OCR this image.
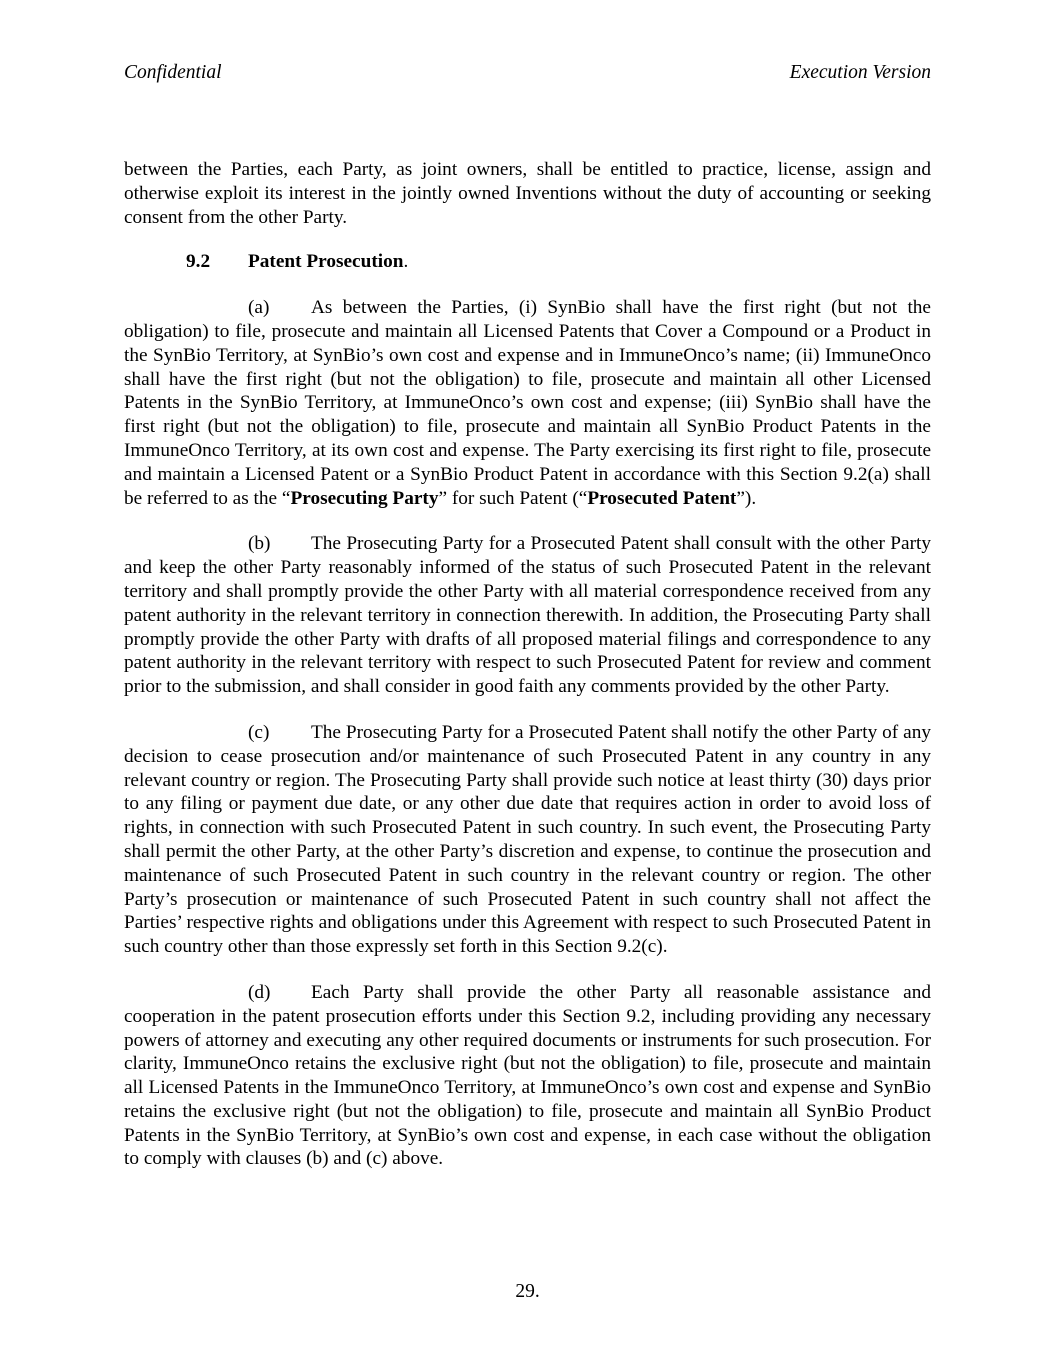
Confidential	Execution Version

between the Parties, each Party, as joint owners, shall be entitled to practice, license, assign and otherwise exploit its interest in the jointly owned Inventions without the duty of accounting or seeking consent from the other Party.

9.2 Patent Prosecution.

(a) As between the Parties, (i) SynBio shall have the first right (but not the obligation) to file, prosecute and maintain all Licensed Patents that Cover a Compound or a Product in the SynBio Territory, at SynBio’s own cost and expense and in ImmuneOnco’s name; (ii) ImmuneOnco shall have the first right (but not the obligation) to file, prosecute and maintain all other Licensed Patents in the SynBio Territory, at ImmuneOnco’s own cost and expense; (iii) SynBio shall have the first right (but not the obligation) to file, prosecute and maintain all SynBio Product Patents in the ImmuneOnco Territory, at its own cost and expense. The Party exercising its first right to file, prosecute and maintain a Licensed Patent or a SynBio Product Patent in accordance with this Section 9.2(a) shall be referred to as the “Prosecuting Party” for such Patent (“Prosecuted Patent”).

(b) The Prosecuting Party for a Prosecuted Patent shall consult with the other Party and keep the other Party reasonably informed of the status of such Prosecuted Patent in the relevant territory and shall promptly provide the other Party with all material correspondence received from any patent authority in the relevant territory in connection therewith. In addition, the Prosecuting Party shall promptly provide the other Party with drafts of all proposed material filings and correspondence to any patent authority in the relevant territory with respect to such Prosecuted Patent for review and comment prior to the submission, and shall consider in good faith any comments provided by the other Party.

(c) The Prosecuting Party for a Prosecuted Patent shall notify the other Party of any decision to cease prosecution and/or maintenance of such Prosecuted Patent in any country in any relevant country or region. The Prosecuting Party shall provide such notice at least thirty (30) days prior to any filing or payment due date, or any other due date that requires action in order to avoid loss of rights, in connection with such Prosecuted Patent in such country. In such event, the Prosecuting Party shall permit the other Party, at the other Party’s discretion and expense, to continue the prosecution and maintenance of such Prosecuted Patent in such country in the relevant country or region. The other Party’s prosecution or maintenance of such Prosecuted Patent in such country shall not affect the Parties’ respective rights and obligations under this Agreement with respect to such Prosecuted Patent in such country other than those expressly set forth in this Section 9.2(c).

(d) Each Party shall provide the other Party all reasonable assistance and cooperation in the patent prosecution efforts under this Section 9.2, including providing any necessary powers of attorney and executing any other required documents or instruments for such prosecution. For clarity, ImmuneOnco retains the exclusive right (but not the obligation) to file, prosecute and maintain all Licensed Patents in the ImmuneOnco Territory, at ImmuneOnco’s own cost and expense and SynBio retains the exclusive right (but not the obligation) to file, prosecute and maintain all SynBio Product Patents in the SynBio Territory, at SynBio’s own cost and expense, in each case without the obligation to comply with clauses (b) and (c) above.

29.
